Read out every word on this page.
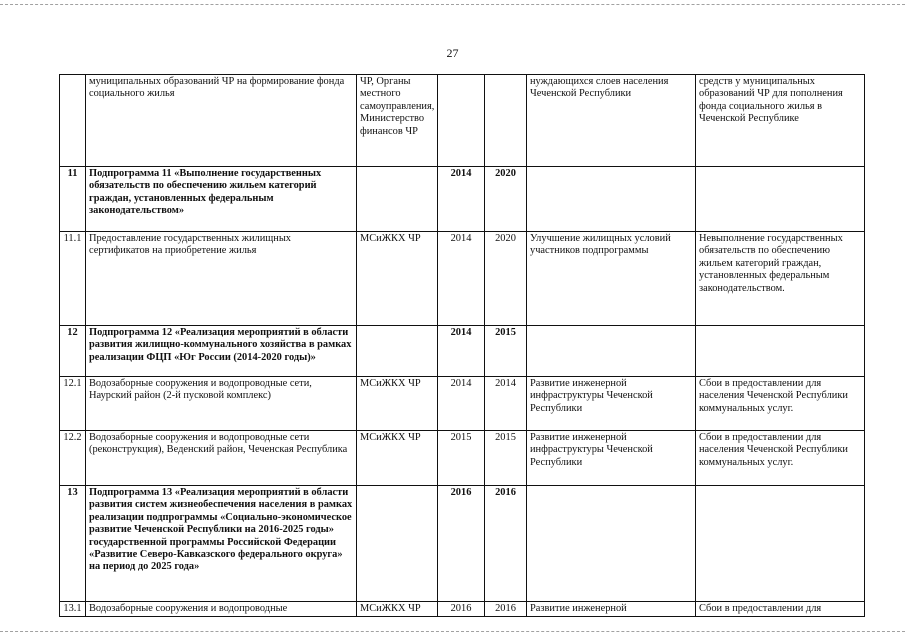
27
	муниципальных образований ЧР на формирование фонда социального жилья	ЧР, Органы местного самоуправления, Министерство финансов ЧР			нуждающихся слоев населения Чеченской Республики	средств у муниципальных образований ЧР для пополнения фонда социального жилья в Чеченской Республике
11	Подпрограмма 11 «Выполнение государственных обязательств по обеспечению жильем категорий граждан, установленных федеральным законодательством»		2014	2020		
11.1	Предоставление государственных жилищных сертификатов на приобретение жилья	МСиЖКХ ЧР	2014	2020	Улучшение жилищных условий участников подпрограммы	Невыполнение государственных обязательств по обеспечению жильем категорий граждан, установленных федеральным законодательством.
12	Подпрограмма 12 «Реализация мероприятий в области развития жилищно-коммунального хозяйства в рамках реализации ФЦП «Юг России (2014-2020 годы)»		2014	2015		
12.1	Водозаборные сооружения и водопроводные сети, Наурский район (2-й пусковой комплекс)	МСиЖКХ ЧР	2014	2014	Развитие инженерной инфраструктуры Чеченской Республики	Сбои в предоставлении для населения Чеченской Республики коммунальных услуг.
12.2	Водозаборные сооружения и водопроводные сети (реконструкция), Веденский район, Чеченская Республика	МСиЖКХ ЧР	2015	2015	Развитие инженерной инфраструктуры Чеченской Республики	Сбои в предоставлении для населения Чеченской Республики коммунальных услуг.
13	Подпрограмма 13 «Реализация мероприятий в области развития систем жизнеобеспечения населения в рамках реализации подпрограммы «Социально-экономическое развитие Чеченской Республики на 2016-2025 годы» государственной программы Российской Федерации «Развитие Северо-Кавказского федерального округа» на период до 2025 года»		2016	2016		
13.1	Водозаборные сооружения и водопроводные	МСиЖКХ ЧР	2016	2016	Развитие инженерной	Сбои в предоставлении для
